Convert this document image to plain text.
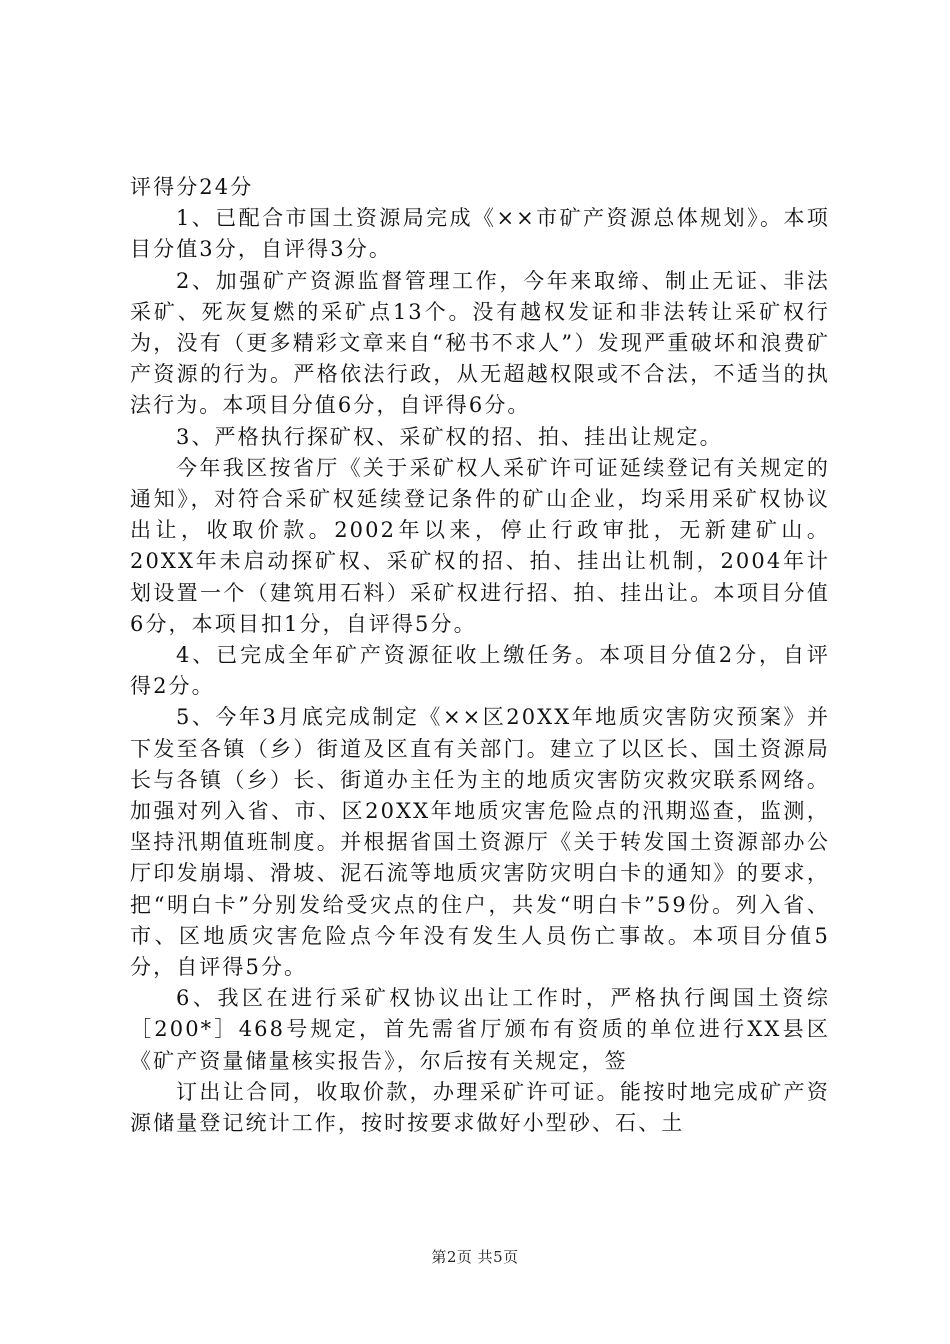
评得分24分

1、已配合市国土资源局完成《××市矿产资源总体规划》。本项目分值3分，自评得3分。

2、加强矿产资源监督管理工作，今年来取缔、制止无证、非法采矿、死灰复燃的采矿点13个。没有越权发证和非法转让采矿权行为，没有（更多精彩文章来自“秘书不求人”）发现严重破坏和浪费矿产资源的行为。严格依法行政，从无超越权限或不合法，不适当的执法行为。本项目分值6分，自评得6分。

3、严格执行探矿权、采矿权的招、拍、挂出让规定。

今年我区按省厅《关于采矿权人采矿许可证延续登记有关规定的通知》，对符合采矿权延续登记条件的矿山企业，均采用采矿权协议出让，收取价款。2002年以来，停止行政审批，无新建矿山。20XX年未启动探矿权、采矿权的招、拍、挂出让机制，2004年计划设置一个（建筑用石料）采矿权进行招、拍、挂出让。本项目分值6分，本项目扣1分，自评得5分。

4、已完成全年矿产资源征收上缴任务。本项目分值2分，自评得2分。

5、今年3月底完成制定《××区20XX年地质灾害防灾预案》并下发至各镇（乡）街道及区直有关部门。建立了以区长、国土资源局长与各镇（乡）长、街道办主任为主的地质灾害防灾救灾联系网络。加强对列入省、市、区20XX年地质灾害危险点的汛期巡查，监测，坚持汛期值班制度。并根据省国土资源厅《关于转发国土资源部办公厅印发崩塌、滑坡、泥石流等地质灾害防灾明白卡的通知》的要求，把“明白卡”分别发给受灾点的住户，共发“明白卡”59份。列入省、市、区地质灾害危险点今年没有发生人员伤亡事故。本项目分值5分，自评得5分。

6、我区在进行采矿权协议出让工作时，严格执行闽国土资综［200*］468号规定，首先需省厅颁布有资质的单位进行XX县区《矿产资量储量核实报告》，尔后按有关规定，签

订出让合同，收取价款，办理采矿许可证。能按时地完成矿产资源储量登记统计工作，按时按要求做好小型砂、石、土

第2页 共5页
